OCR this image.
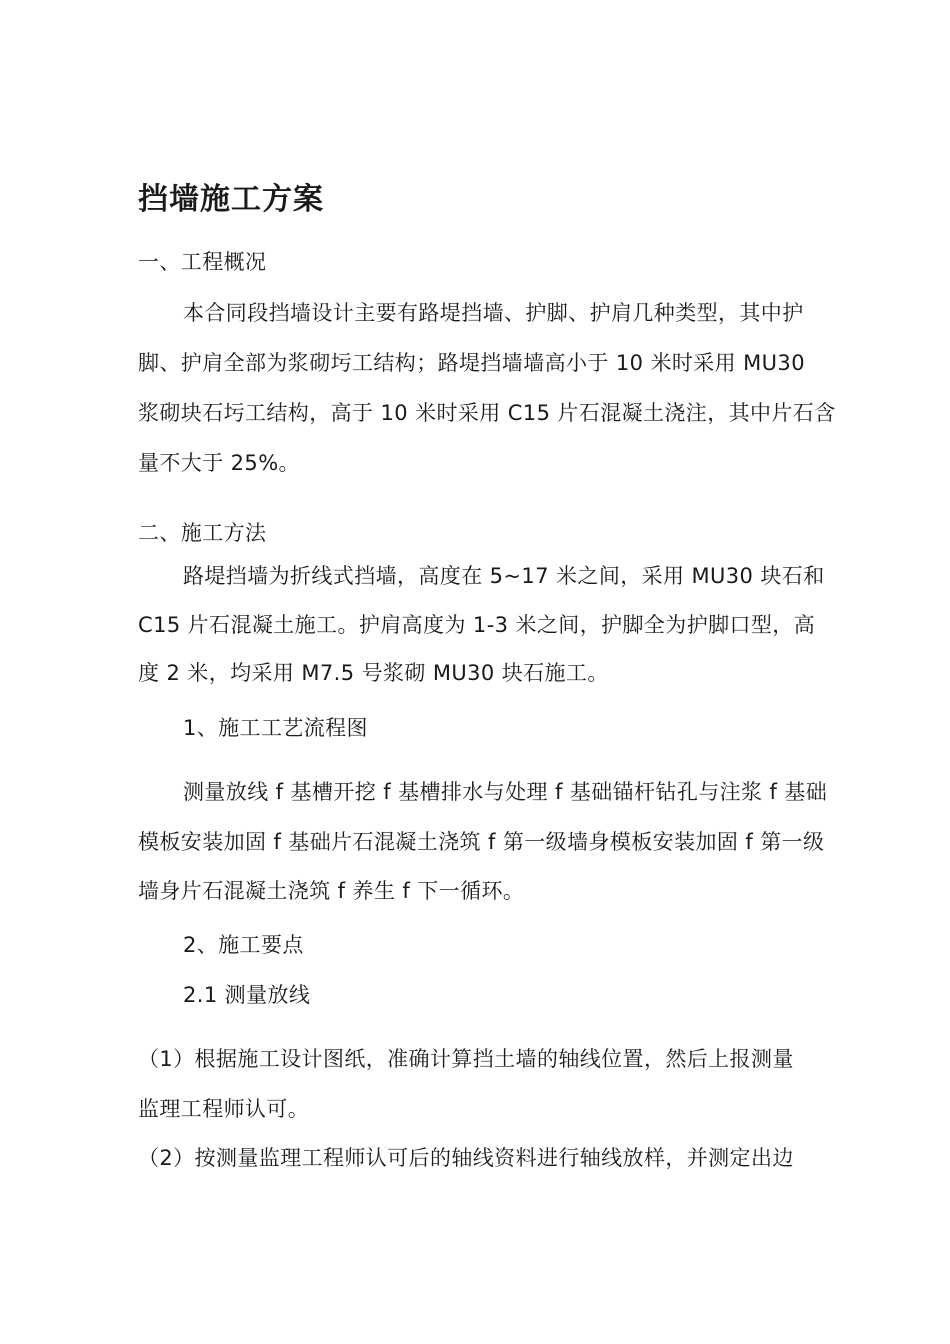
挡墙施工方案
一、工程概况
本合同段挡墙设计主要有路堤挡墙、护脚、护肩几种类型，其中护
脚、护肩全部为浆砌圬工结构；路堤挡墙墙高小于 10 米时采用 MU30
浆砌块石圬工结构，高于 10 米时采用 C15 片石混凝土浇注，其中片石含
量不大于 25%。
二、施工方法
路堤挡墙为折线式挡墙，高度在 5~17 米之间，采用 MU30 块石和
C15 片石混凝土施工。护肩高度为 1-3 米之间，护脚全为护脚口型，高
度 2 米，均采用 M7.5 号浆砌 MU30 块石施工。
1、施工工艺流程图
测量放线 f 基槽开挖 f 基槽排水与处理 f 基础锚杆钻孔与注浆 f 基础
模板安装加固 f 基础片石混凝土浇筑 f 第一级墙身模板安装加固 f 第一级
墙身片石混凝土浇筑 f 养生 f 下一循环。
2、施工要点
2.1 测量放线
（1）根据施工设计图纸，准确计算挡土墙的轴线位置，然后上报测量
监理工程师认可。
（2）按测量监理工程师认可后的轴线资料进行轴线放样，并测定出边
